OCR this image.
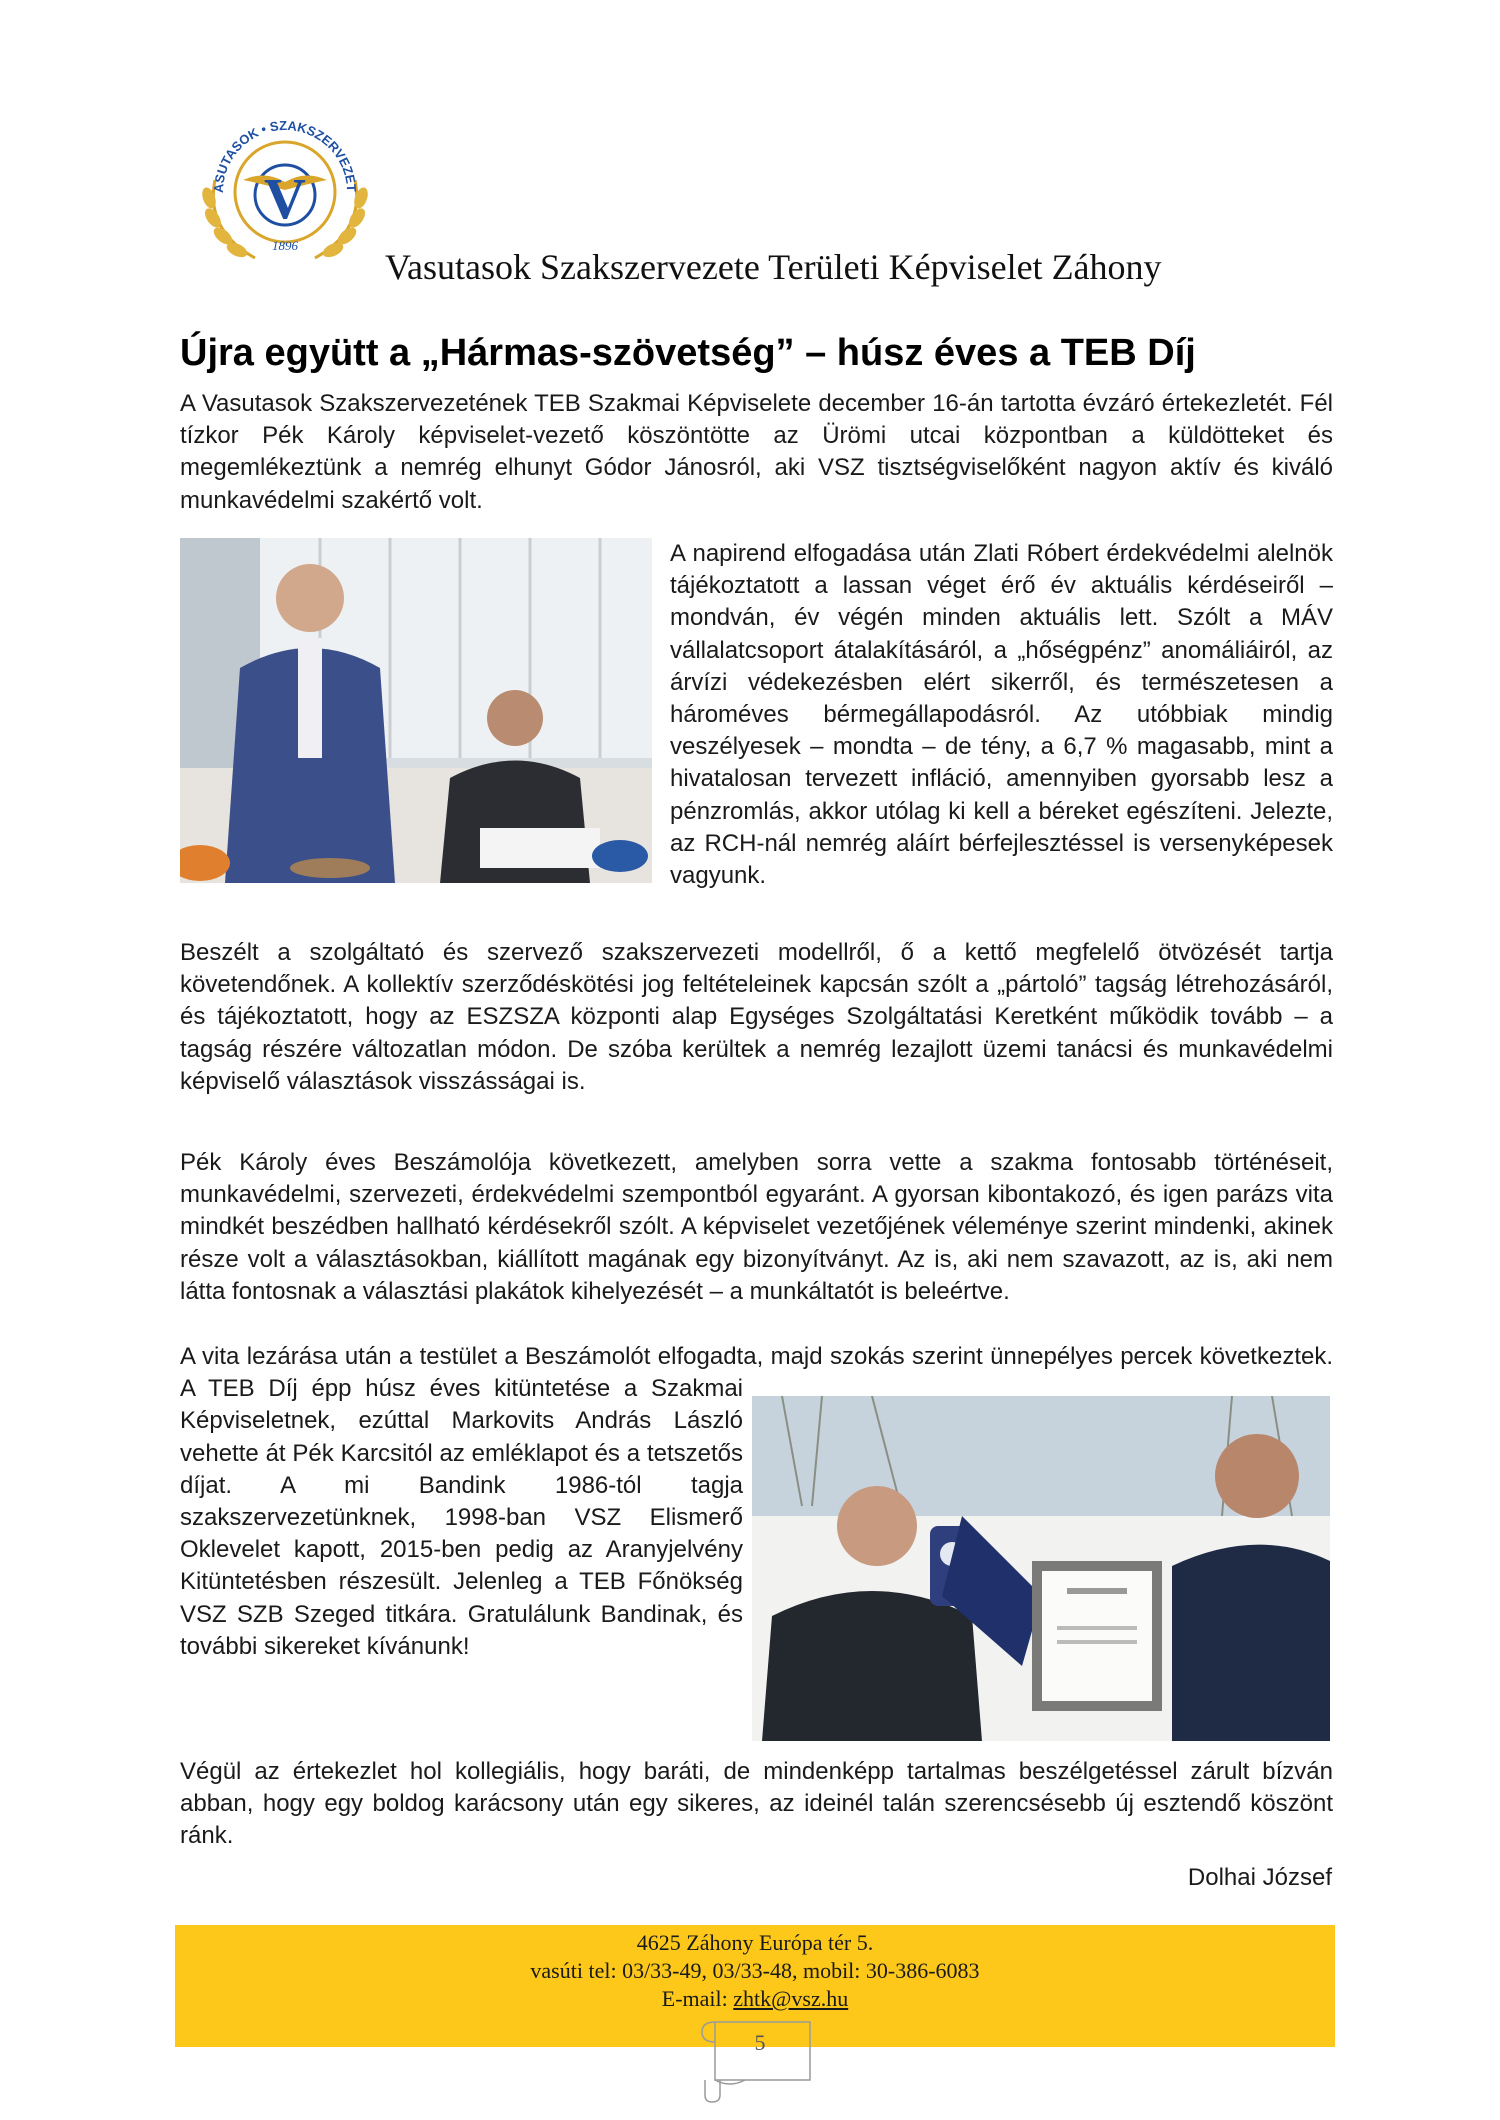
V
ASUTASOK • SZAKSZERVEZET
1896
Vasutasok Szakszervezete Területi Képviselet Záhony
Újra együtt a „Hármas-szövetség” – húsz éves a TEB Díj

A Vasutasok Szakszervezetének TEB Szakmai Képviselete december 16-án tartotta évzáró értekezletét. Fél tízkor Pék Károly képviselet-vezető köszöntötte az Ürömi utcai központban a küldötteket és megemlékeztünk a nemrég elhunyt Gódor Jánosról, aki VSZ tisztségviselőként nagyon aktív és kiváló munkavédelmi szakértő volt.

A napirend elfogadása után Zlati Róbert érdekvédelmi alelnök tájékoztatott a lassan véget érő év aktuális kérdéseiről – mondván, év végén minden aktuális lett. Szólt a MÁV vállalatcsoport átalakításáról, a „hőségpénz” anomáliáiról, az árvízi védekezésben elért sikerről, és természetesen a hároméves bérmegállapodásról. Az utóbbiak mindig veszélyesek – mondta – de tény, a 6,7 % magasabb, mint a hivatalosan tervezett infláció, amennyiben gyorsabb lesz a pénzromlás, akkor utólag ki kell a béreket egészíteni. Jelezte, az RCH-nál nemrég aláírt bérfejlesztéssel is versenyképesek vagyunk.

Beszélt a szolgáltató és szervező szakszervezeti modellről, ő a kettő megfelelő ötvözését tartja követendőnek. A kollektív szerződéskötési jog feltételeinek kapcsán szólt a „pártoló” tagság létrehozásáról, és tájékoztatott, hogy az ESZSZA központi alap Egységes Szolgáltatási Keretként működik tovább – a tagság részére változatlan módon. De szóba kerültek a nemrég lezajlott üzemi tanácsi és munkavédelmi képviselő választások visszásságai is.

Pék Károly éves Beszámolója következett, amelyben sorra vette a szakma fontosabb történéseit, munkavédelmi, szervezeti, érdekvédelmi szempontból egyaránt. A gyorsan kibontakozó, és igen parázs vita mindkét beszédben hallható kérdésekről szólt. A képviselet vezetőjének véleménye szerint mindenki, akinek része volt a választásokban, kiállított magának egy bizonyítványt. Az is, aki nem szavazott, az is, aki nem látta fontosnak a választási plakátok kihelyezését – a munkáltatót is beleértve.

A vita lezárása után a testület a Beszámolót elfogadta, majd szokás szerint ünnepélyes percek következtek. A TEB Díj épp húsz éves kitüntetése a Szakmai Képviseletnek, ezúttal Markovits András László vehette át Pék Karcsitól az emléklapot és a tetszetős díjat. A mi Bandink 1986-tól tagja szakszervezetünknek, 1998-ban VSZ Elismerő Oklevelet kapott, 2015-ben pedig az Aranyjelvény Kitüntetésben részesült. Jelenleg a TEB Főnökség VSZ SZB Szeged titkára. Gratulálunk Bandinak, és további sikereket kívánunk!

Végül az értekezlet hol kollegiális, hogy baráti, de mindenképp tartalmas beszélgetéssel zárult bízván abban, hogy egy boldog karácsony után egy sikeres, az ideinél talán szerencsésebb új esztendő köszönt ránk.

Dolhai József
4625 Záhony Európa tér 5.
vasúti tel: 03/33-49, 03/33-48, mobil: 30-386-6083
E-mail: zhtk@vsz.hu
5
